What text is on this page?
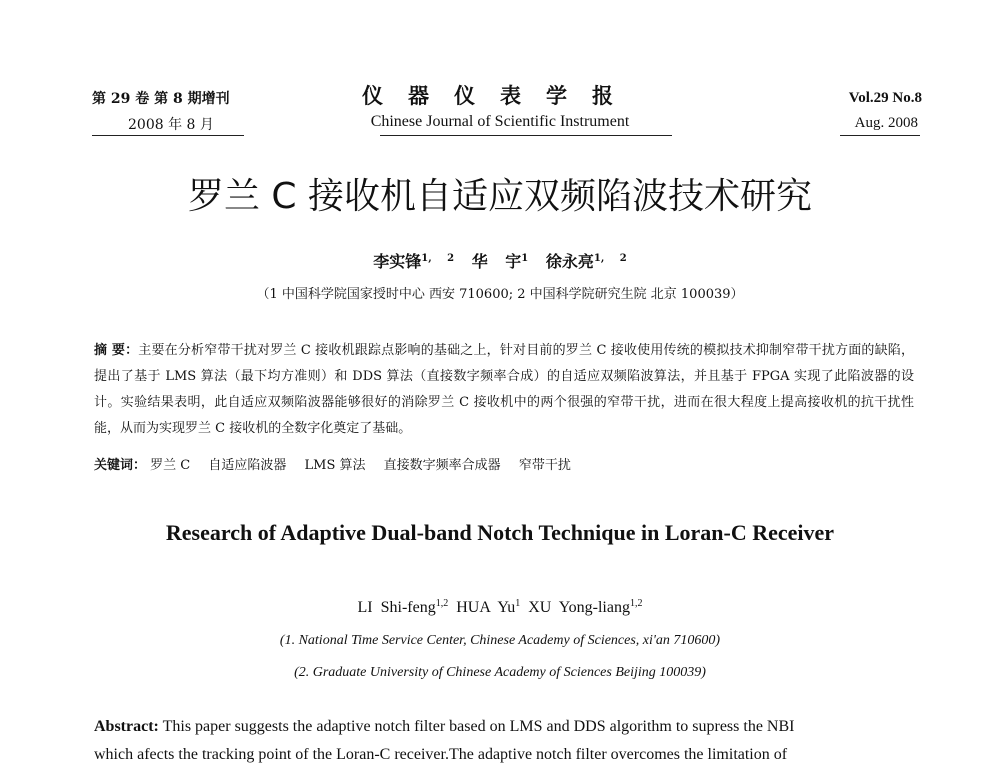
第 29 卷 第 8 期增刊
2008 年 8 月
仪器仪表学报
Chinese Journal of Scientific Instrument
Vol.29 No.8
Aug. 2008
罗兰 C 接收机自适应双频陷波技术研究
李实锋$^{1, 2}$ 华 宇$^1$ 徐永亮$^{1, 2}$
（1 中国科学院国家授时中心 西安 710600; 2 中国科学院研究生院 北京 100039）
摘 要：主要在分析窄带干扰对罗兰 C 接收机跟踪点影响的基础之上，针对目前的罗兰 C 接收使用传统的模拟技术抑制窄带干扰方面的缺陷，提出了基于 LMS 算法（最下均方准则）和 DDS 算法（直接数字频率合成）的自适应双频陷波算法，并且基于 FPGA 实现了此陷波器的设计。实验结果表明，此自适应双频陷波器能够很好的消除罗兰 C 接收机中的两个很强的窄带干扰，进而在很大程度上提高接收机的抗干扰性能，从而为实现罗兰 C 接收机的全数字化奠定了基础。
关键词： 罗兰 C 自适应陷波器 LMS 算法 直接数字频率合成器 窄带干扰
Research of Adaptive Dual-band Notch Technique in Loran-C Receiver
LI Shi-feng$^{1,2}$ HUA Yu$^1$ XU Yong-liang$^{1,2}$
(1. National Time Service Center, Chinese Academy of Sciences, xi'an 710600)
(2. Graduate University of Chinese Academy of Sciences Beijing 100039)
Abstract: This paper suggests the adaptive notch filter based on LMS and DDS algorithm to supress the NBI
which afects the tracking point of the Loran-C receiver.The adaptive notch filter overcomes the limitation of
